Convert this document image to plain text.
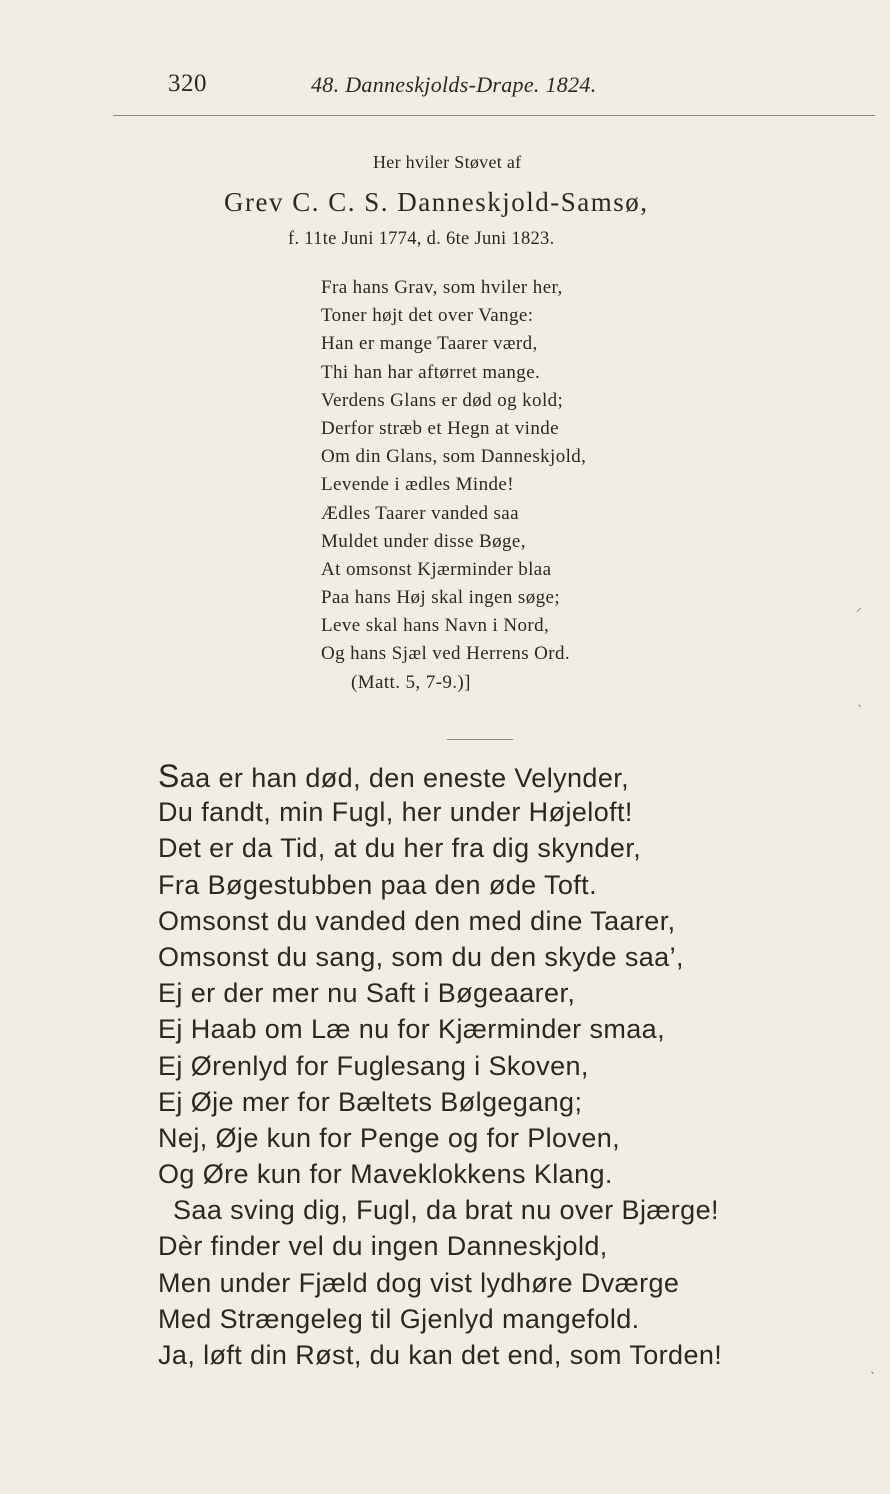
320	48. Danneskjolds-Drape. 1824.
Her hviler Støvet af
Grev C. C. S. Danneskjold-Samsø,
f. 11te Juni 1774, d. 6te Juni 1823.
Fra hans Grav, som hviler her,
Toner højt det over Vange:
Han er mange Taarer værd,
Thi han har aftørret mange.
Verdens Glans er død og kold;
Derfor stræb et Hegn at vinde
Om din Glans, som Danneskjold,
Levende i ædles Minde!
Ædles Taarer vanded saa
Muldet under disse Bøge,
At omsonst Kjærminder blaa
Paa hans Høj skal ingen søge;
Leve skal hans Navn i Nord,
Og hans Sjæl ved Herrens Ord.
(Matt. 5, 7-9.)]
Saa er han død, den eneste Velynder,
Du fandt, min Fugl, her under Højeloft!
Det er da Tid, at du her fra dig skynder,
Fra Bøgestubben paa den øde Toft.
Omsonst du vanded den med dine Taarer,
Omsonst du sang, som du den skyde saa’,
Ej er der mer nu Saft i Bøgeaarer,
Ej Haab om Læ nu for Kjærminder smaa,
Ej Ørenlyd for Fuglesang i Skoven,
Ej Øje mer for Bæltets Bølgegang;
Nej, Øje kun for Penge og for Ploven,
Og Øre kun for Maveklokkens Klang.
Saa sving dig, Fugl, da brat nu over Bjærge!
Dèr finder vel du ingen Danneskjold,
Men under Fjæld dog vist lydhøre Dværge
Med Strængeleg til Gjenlyd mangefold.
Ja, løft din Røst, du kan det end, som Torden!
⸝
ˎ
ˎ
